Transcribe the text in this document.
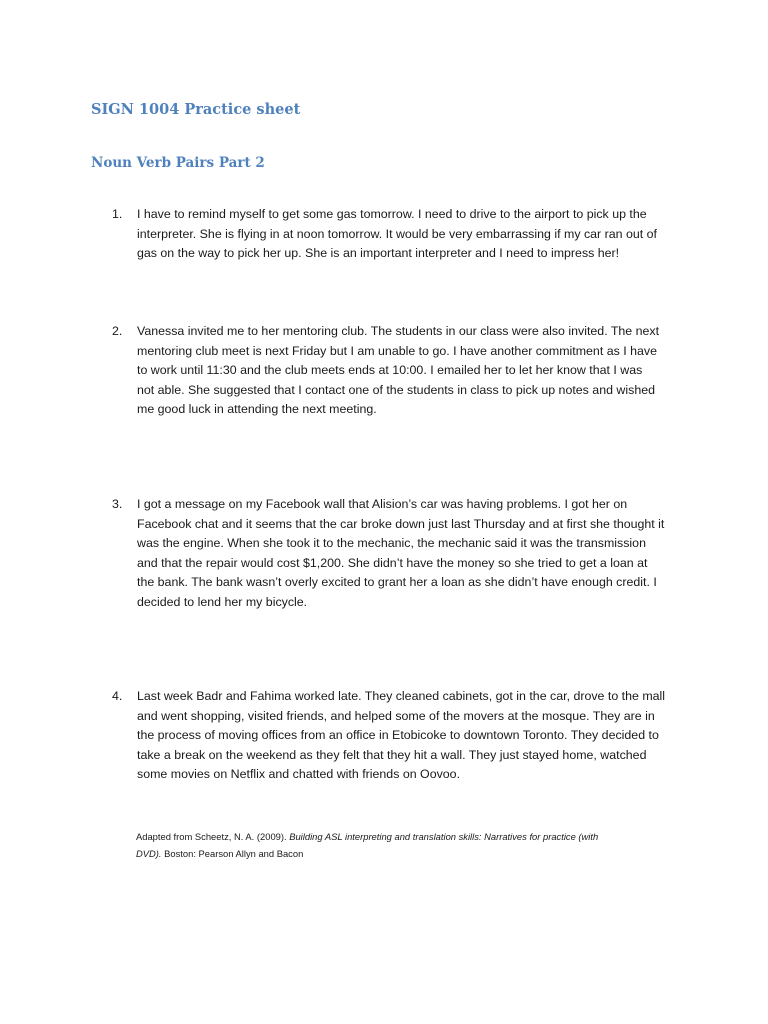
SIGN 1004 Practice sheet
Noun Verb Pairs Part 2
1.	I have to remind myself to get some gas tomorrow. I need to drive to the airport to pick up the
interpreter. She is flying in at noon tomorrow. It would be very embarrassing if my car ran out of
gas on the way to pick her up. She is an important interpreter and I need to impress her!

2.	Vanessa invited me to her mentoring club. The students in our class were also invited. The next
mentoring club meet is next Friday but I am unable to go. I have another commitment as I have
to work until 11:30 and the club meets ends at 10:00. I emailed her to let her know that I was
not able. She suggested that I contact one of the students in class to pick up notes and wished
me good luck in attending the next meeting.

3.	I got a message on my Facebook wall that Alision’s car was having problems. I got her on
Facebook chat and it seems that the car broke down just last Thursday and at first she thought it
was the engine. When she took it to the mechanic, the mechanic said it was the transmission
and that the repair would cost $1,200. She didn’t have the money so she tried to get a loan at
the bank. The bank wasn’t overly excited to grant her a loan as she didn’t have enough credit. I
decided to lend her my bicycle.

4.	Last week Badr and Fahima worked late. They cleaned cabinets, got in the car, drove to the mall
and went shopping, visited friends, and helped some of the movers at the mosque. They are in
the process of moving offices from an office in Etobicoke to downtown Toronto. They decided to
take a break on the weekend as they felt that they hit a wall. They just stayed home, watched
some movies on Netflix and chatted with friends on Oovoo.

Adapted from Scheetz, N. A. (2009). Building ASL interpreting and translation skills: Narratives for practice (with
DVD). Boston: Pearson Allyn and Bacon
